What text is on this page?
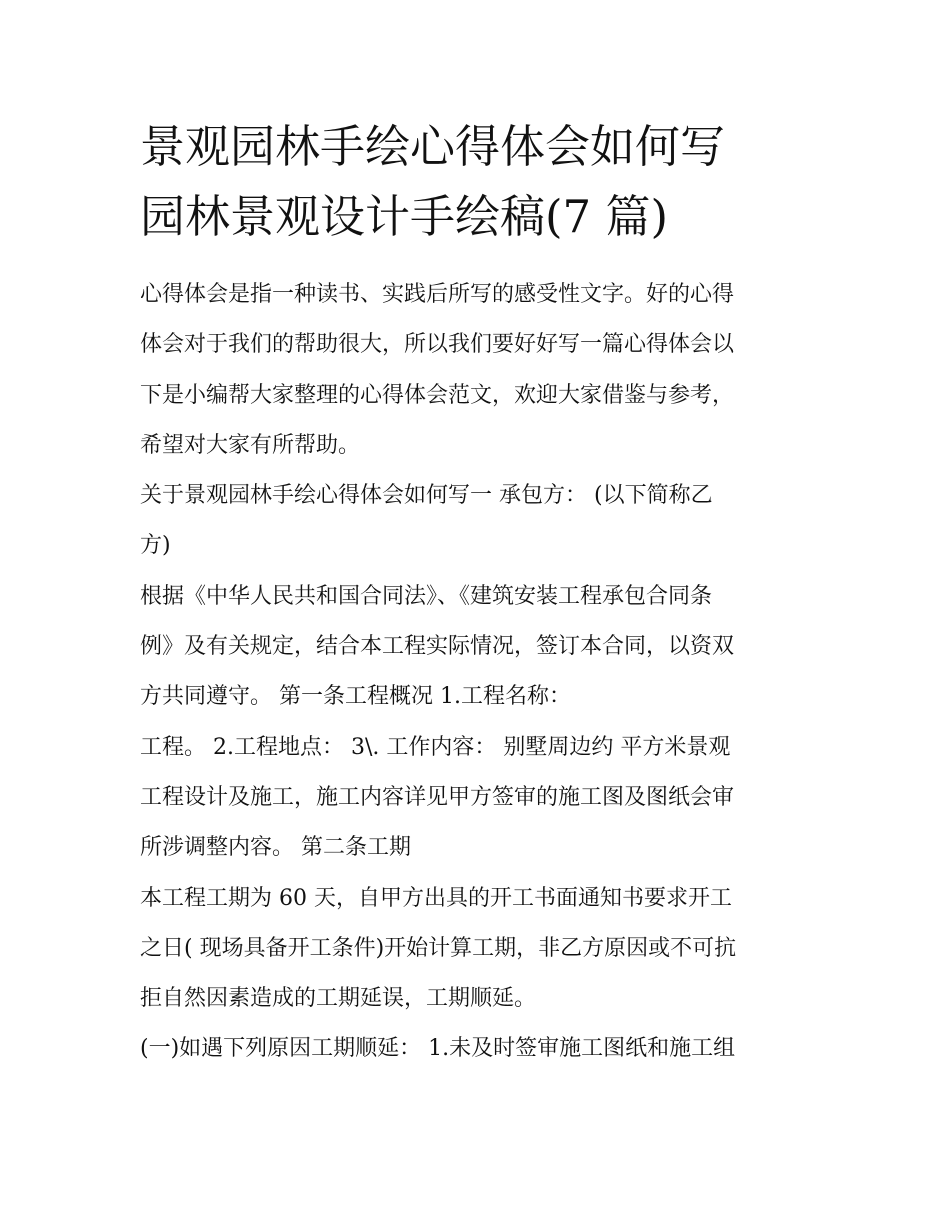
景观园林手绘心得体会如何写
园林景观设计手绘稿(7 篇)
心得体会是指一种读书、实践后所写的感受性文字。好的心得
体会对于我们的帮助很大，所以我们要好好写一篇心得体会以
下是小编帮大家整理的心得体会范文，欢迎大家借鉴与参考，
希望对大家有所帮助。
关于景观园林手绘心得体会如何写一 承包方： (以下简称乙
方)
根据《中华人民共和国合同法》、《建筑安装工程承包合同条
例》及有关规定，结合本工程实际情况，签订本合同，以资双
方共同遵守。 第一条工程概况 1.工程名称：
工程。 2.工程地点： 3\. 工作内容： 别墅周边约 平方米景观
工程设计及施工，施工内容详见甲方签审的施工图及图纸会审
所涉调整内容。 第二条工期
本工程工期为 60 天，自甲方出具的开工书面通知书要求开工
之日( 现场具备开工条件)开始计算工期，非乙方原因或不可抗
拒自然因素造成的工期延误，工期顺延。
(一)如遇下列原因工期顺延： 1.未及时签审施工图纸和施工组
